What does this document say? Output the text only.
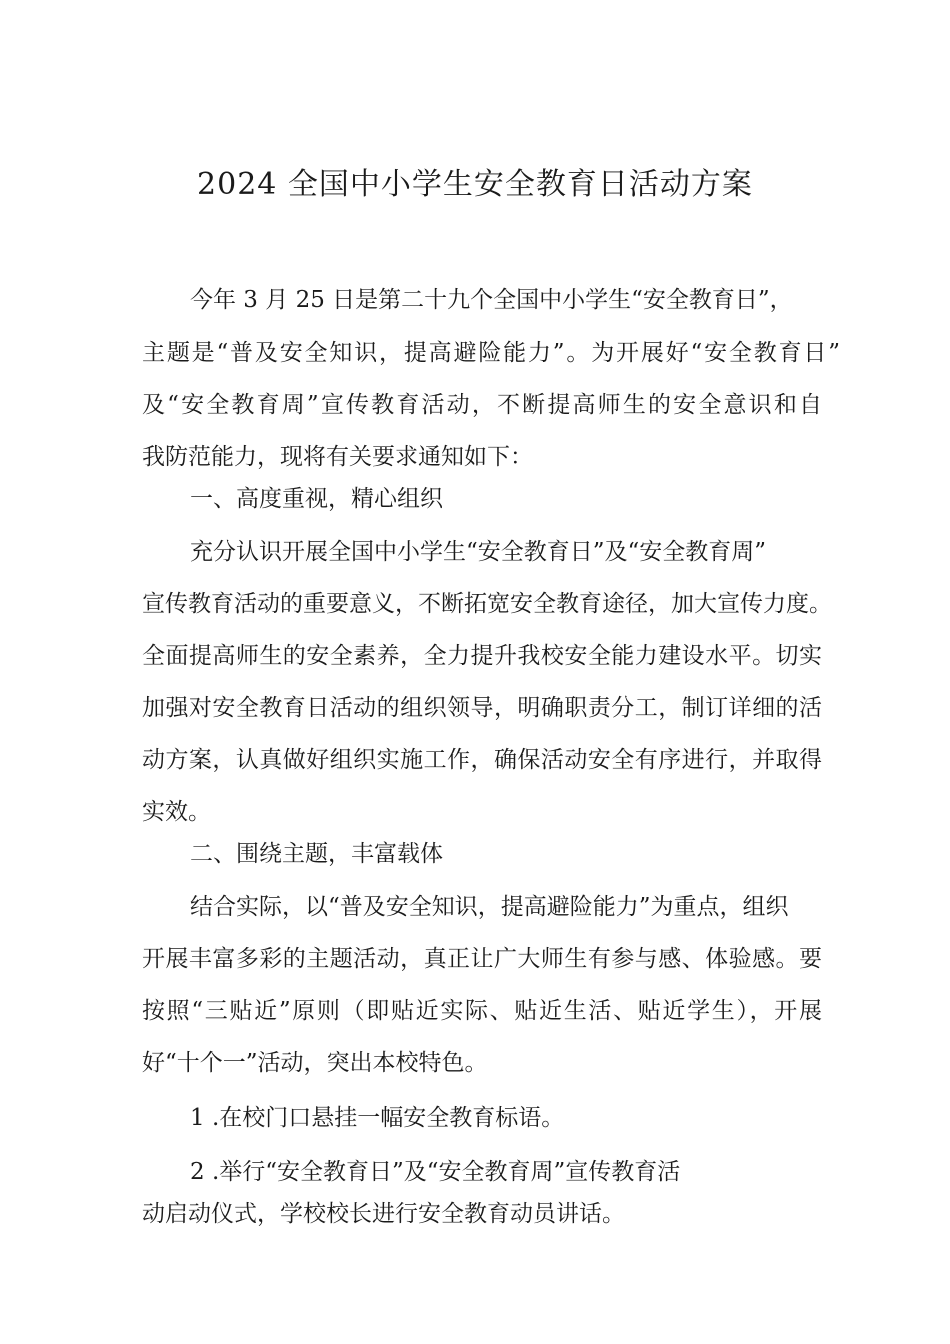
2024 全国中小学生安全教育日活动方案

今年 3 月 25 日是第二十九个全国中小学生“安全教育日”，

主题是“普及安全知识，提高避险能力”。为开展好“安全教育日”

及“安全教育周”宣传教育活动，不断提高师生的安全意识和自

我防范能力，现将有关要求通知如下：

一、高度重视，精心组织

充分认识开展全国中小学生“安全教育日”及“安全教育周”

宣传教育活动的重要意义，不断拓宽安全教育途径，加大宣传力度。

全面提高师生的安全素养，全力提升我校安全能力建设水平。切实

加强对安全教育日活动的组织领导，明确职责分工，制订详细的活

动方案，认真做好组织实施工作，确保活动安全有序进行，并取得

实效。

二、围绕主题，丰富载体

结合实际，以“普及安全知识，提高避险能力”为重点，组织

开展丰富多彩的主题活动，真正让广大师生有参与感、体验感。要

按照“三贴近”原则（即贴近实际、贴近生活、贴近学生），开展

好“十个一”活动，突出本校特色。

1 .在校门口悬挂一幅安全教育标语。

2 .举行“安全教育日”及“安全教育周”宣传教育活

动启动仪式，学校校长进行安全教育动员讲话。
